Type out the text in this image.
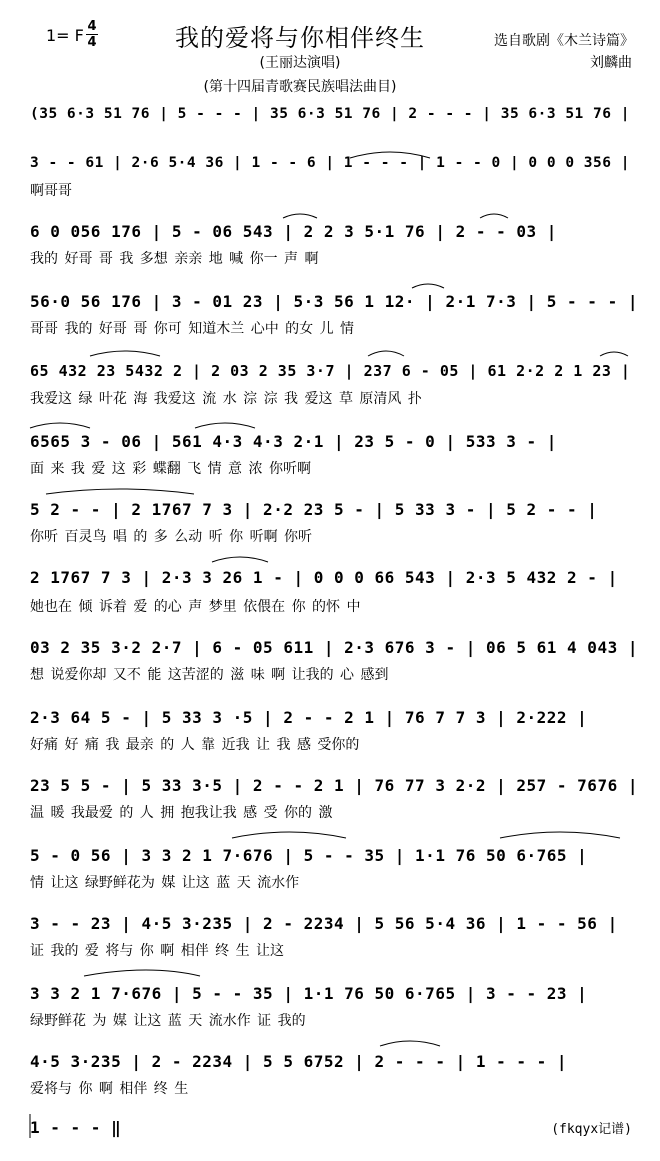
1= F 4
4	我的爱将与你相伴终生	选自歌剧《木兰诗篇》
(王丽达演唱)	刘麟曲
(第十四届青歌赛民族唱法曲目)
(35 6·3 51 76 | 5 - - - | 35 6·3 51 76 | 2 - - - | 35 6·3 51 76 |
3 - - 61 | 2·6 5·4 36 | 1 - - 6 | 1 - - - | 1 - - 0 | 0 0 0 356 |
啊哥哥
6 0 056 176 | 5 - 06 543 | 2 2 3 5·1 76 | 2 - - 03 |
我的 好哥 哥 我 多想 亲亲 地 喊 你一 声 啊
56·0 56 176 | 3 - 01 23 | 5·3 56 1 12· | 2·1 7·3 | 5 - - - |
哥哥 我的 好哥 哥 你可 知道木兰 心中 的女 儿 情
65 432 23 5432 2 | 2 03 2 35 3·7 | 237 6 - 05 | 61 2·2 2 1 23 |
我爱这 绿 叶花 海 我爱这 流 水 淙 淙 我 爱这 草 原清风 扑
6565 3 - 06 | 561 4·3 4·3 2·1 | 23 5 - 0 | 533 3 - |
面 来 我 爱 这 彩 蝶翻 飞 情 意 浓 你听啊
5 2 - - | 2 1767 7 3 | 2·2 23 5 - | 5 33 3 - | 5 2 - - |
你听 百灵鸟 唱 的 多 么动 听 你 听啊 你听
2 1767 7 3 | 2·3 3 26 1 - | 0 0 0 66 543 | 2·3 5 432 2 - |
她也在 倾 诉着 爱 的心 声 梦里 依偎在 你 的怀 中
03 2 35 3·2 2·7 | 6 - 05 611 | 2·3 676 3 - | 06 5 61 4 043 |
想 说爱你却 又不 能 这苦涩的 滋 味 啊 让我的 心 感到
2·3 64 5 - | 5 33 3 ·5 | 2 - - 2 1 | 76 7 7 3 | 2·222 |
好痛 好 痛 我 最亲 的 人 靠 近我 让 我 感 受你的
23 5 5 - | 5 33 3·5 | 2 - - 2 1 | 76 77 3 2·2 | 257 - 7676 |
温 暖 我最爱 的 人 拥 抱我让我 感 受 你的 激
5 - 0 56 | 3 3 2 1 7·676 | 5 - - 35 | 1·1 76 50 6·765 |
情 让这 绿野鲜花为 媒 让这 蓝 天 流水作
3 - - 23 | 4·5 3·235 | 2 - 2234 | 5 56 5·4 36 | 1 - - 56 |
证 我的 爱 将与 你 啊 相伴 终 生 让这
3 3 2 1 7·676 | 5 - - 35 | 1·1 76 50 6·765 | 3 - - 23 |
绿野鲜花 为 媒 让这 蓝 天 流水作 证 我的
4·5 3·235 | 2 - 2234 | 5 5 6752 | 2 - - - | 1 - - - |
爱将与 你 啊 相伴 终 生
1 - - - ‖	(fkqyx记谱)
